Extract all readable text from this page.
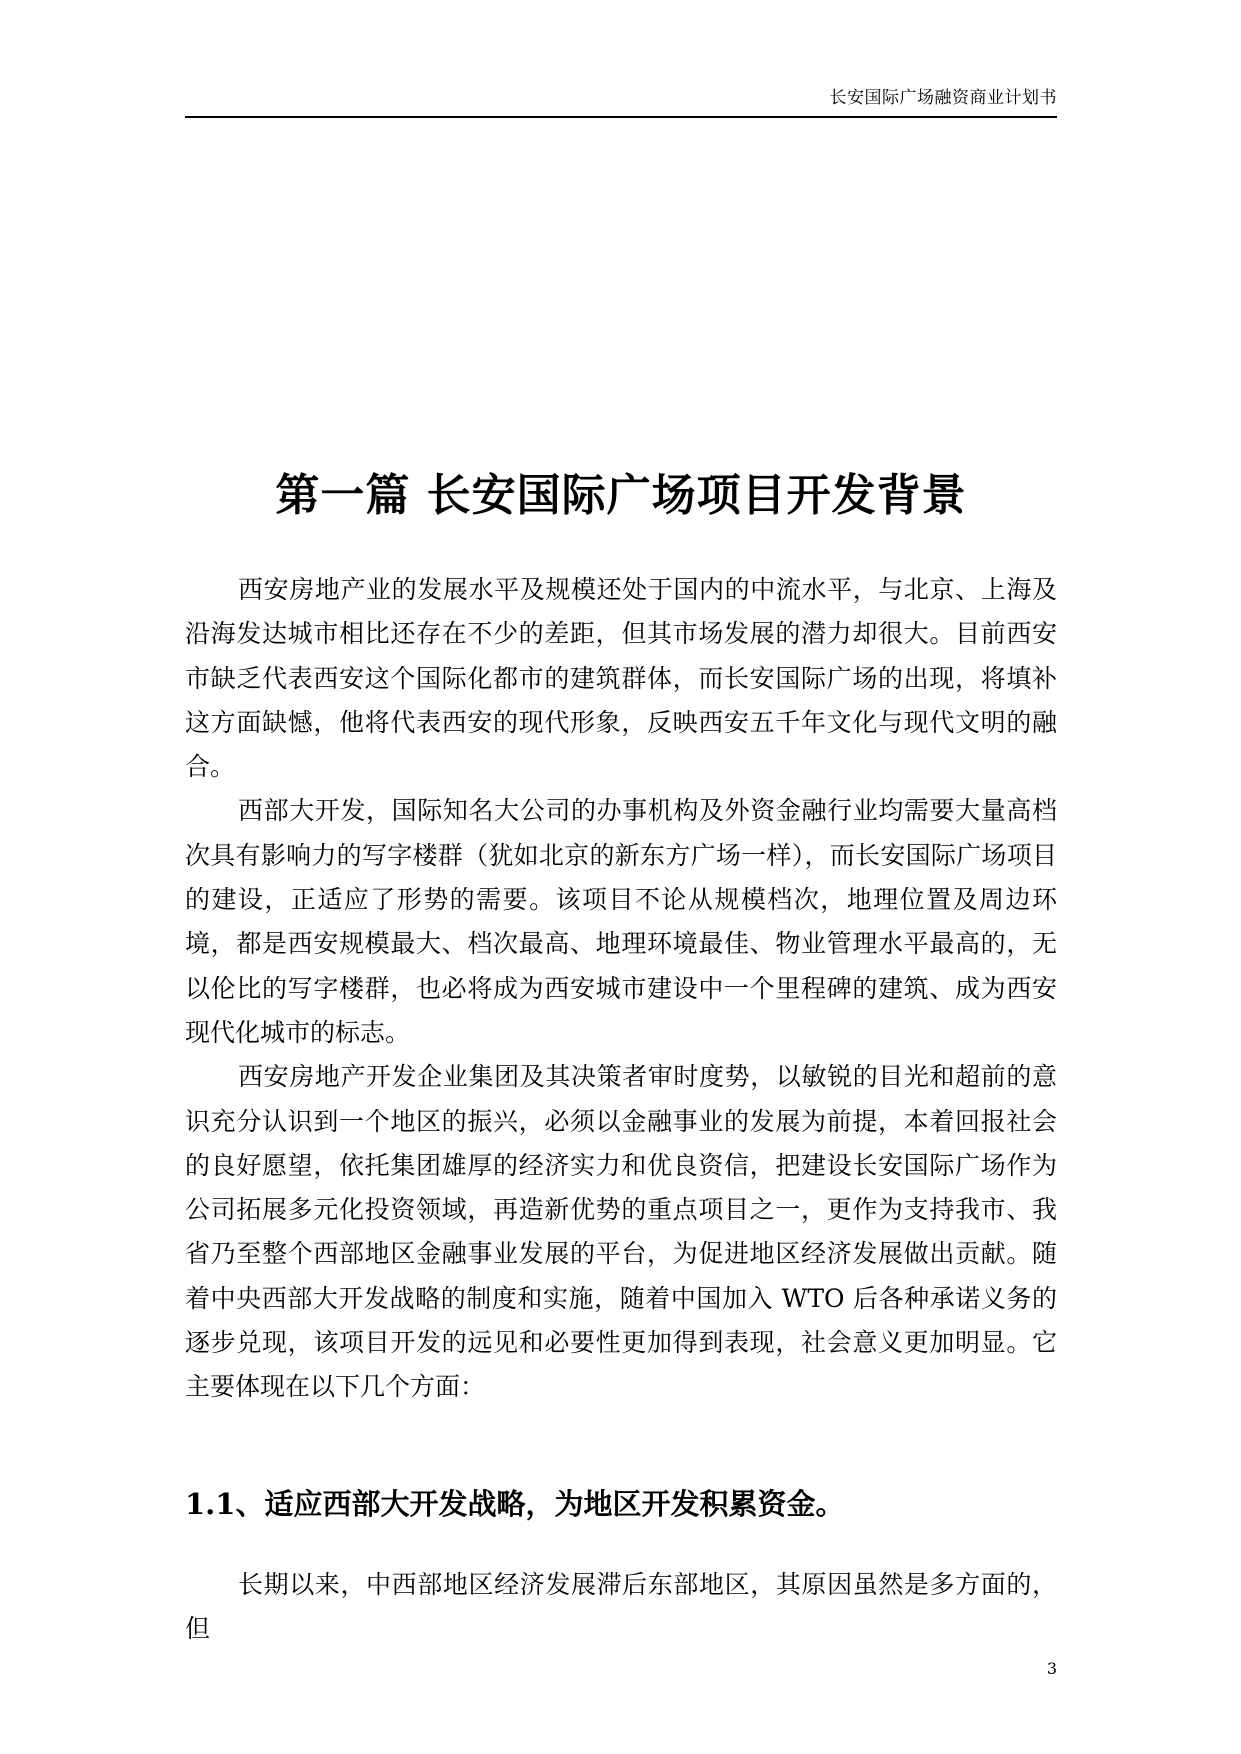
长安国际广场融资商业计划书
第一篇 长安国际广场项目开发背景

西安房地产业的发展水平及规模还处于国内的中流水平，与北京、上海及沿海发达城市相比还存在不少的差距，但其市场发展的潜力却很大。目前西安市缺乏代表西安这个国际化都市的建筑群体，而长安国际广场的出现，将填补这方面缺憾，他将代表西安的现代形象，反映西安五千年文化与现代文明的融合。

西部大开发，国际知名大公司的办事机构及外资金融行业均需要大量高档次具有影响力的写字楼群（犹如北京的新东方广场一样），而长安国际广场项目的建设，正适应了形势的需要。该项目不论从规模档次，地理位置及周边环境，都是西安规模最大、档次最高、地理环境最佳、物业管理水平最高的，无以伦比的写字楼群，也必将成为西安城市建设中一个里程碑的建筑、成为西安现代化城市的标志。

西安房地产开发企业集团及其决策者审时度势，以敏锐的目光和超前的意识充分认识到一个地区的振兴，必须以金融事业的发展为前提，本着回报社会的良好愿望，依托集团雄厚的经济实力和优良资信，把建设长安国际广场作为公司拓展多元化投资领域，再造新优势的重点项目之一，更作为支持我市、我省乃至整个西部地区金融事业发展的平台，为促进地区经济发展做出贡献。随着中央西部大开发战略的制度和实施，随着中国加入 WTO 后各种承诺义务的逐步兑现，该项目开发的远见和必要性更加得到表现，社会意义更加明显。它主要体现在以下几个方面：

1.1、适应西部大开发战略，为地区开发积累资金。

长期以来，中西部地区经济发展滞后东部地区，其原因虽然是多方面的，但

3
